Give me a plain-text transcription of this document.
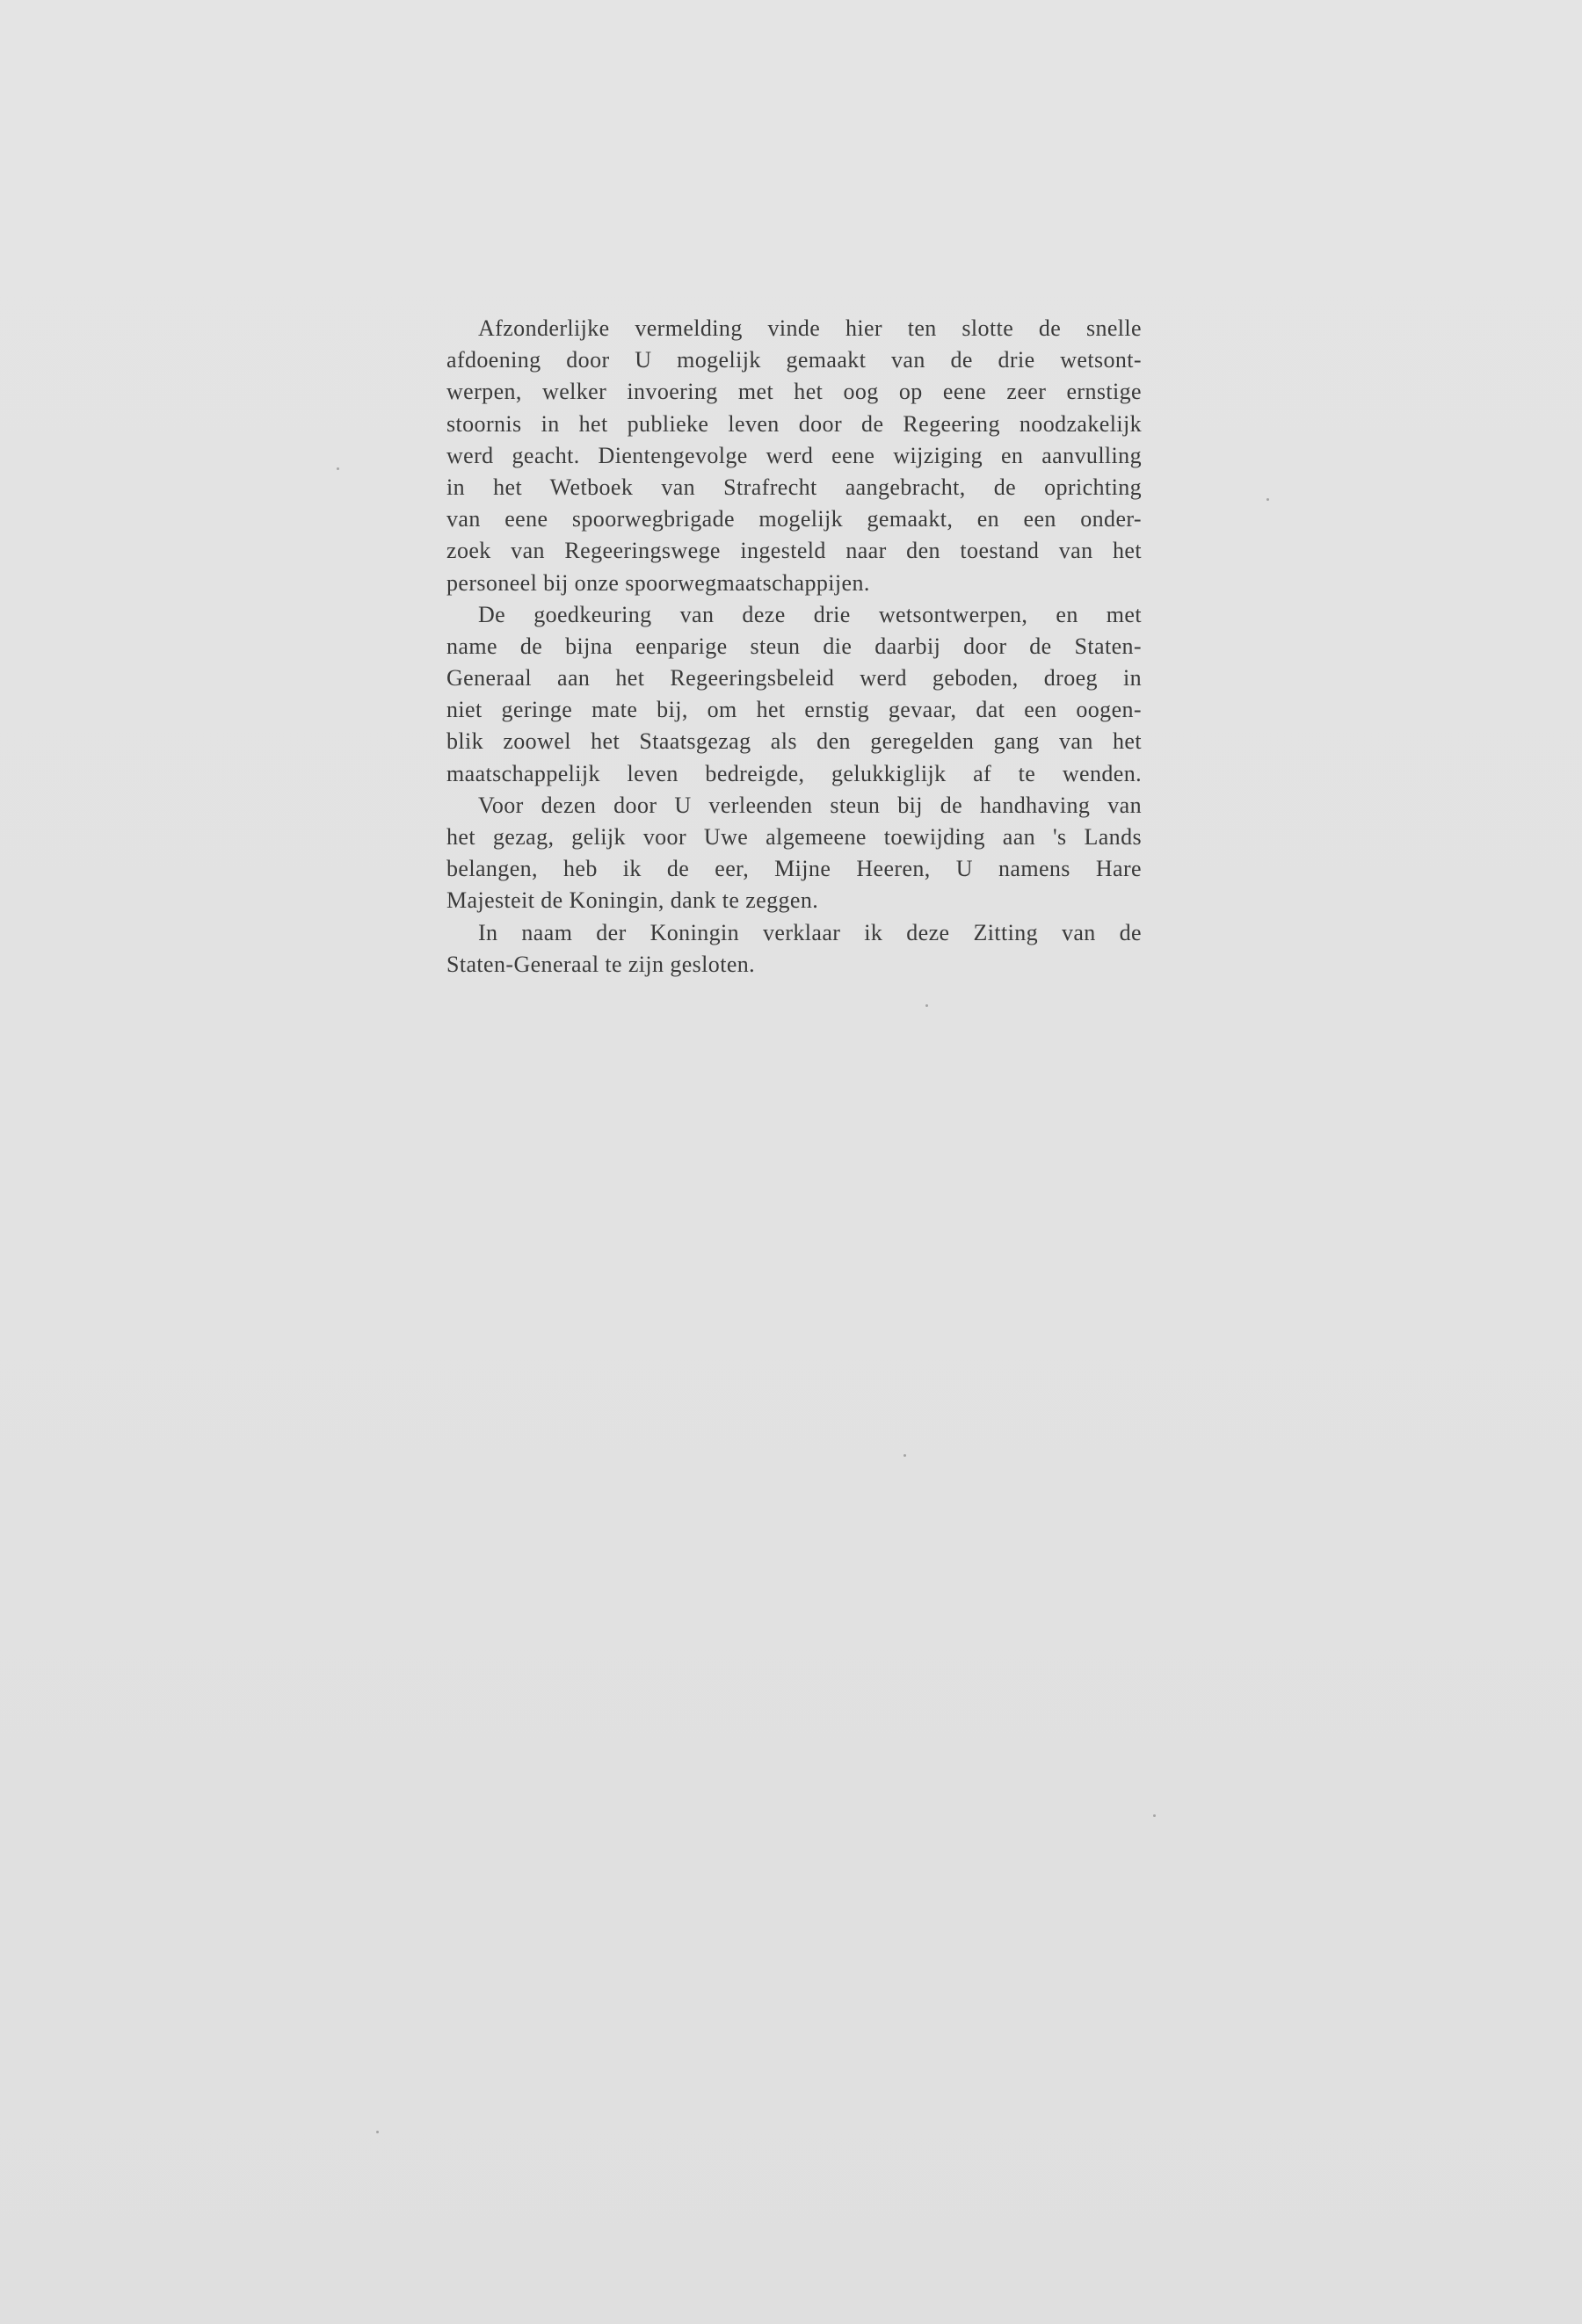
Afzonderlijke vermelding vinde hier ten slotte de snelle
afdoening door U mogelijk gemaakt van de drie wetsont-
werpen, welker invoering met het oog op eene zeer ernstige
stoornis in het publieke leven door de Regeering noodzakelijk
werd geacht. Dientengevolge werd eene wijziging en aanvulling
in het Wetboek van Strafrecht aangebracht, de oprichting
van eene spoorwegbrigade mogelijk gemaakt, en een onder-
zoek van Regeeringswege ingesteld naar den toestand van het
personeel bij onze spoorwegmaatschappijen.
De goedkeuring van deze drie wetsontwerpen, en met
name de bijna eenparige steun die daarbij door de Staten-
Generaal aan het Regeeringsbeleid werd geboden, droeg in
niet geringe mate bij, om het ernstig gevaar, dat een oogen-
blik zoowel het Staatsgezag als den geregelden gang van het
maatschappelijk leven bedreigde, gelukkiglijk af te wenden.
Voor dezen door U verleenden steun bij de handhaving van
het gezag, gelijk voor Uwe algemeene toewijding aan 's Lands
belangen, heb ik de eer, Mijne Heeren, U namens Hare
Majesteit de Koningin, dank te zeggen.
In naam der Koningin verklaar ik deze Zitting van de
Staten-Generaal te zijn gesloten.
